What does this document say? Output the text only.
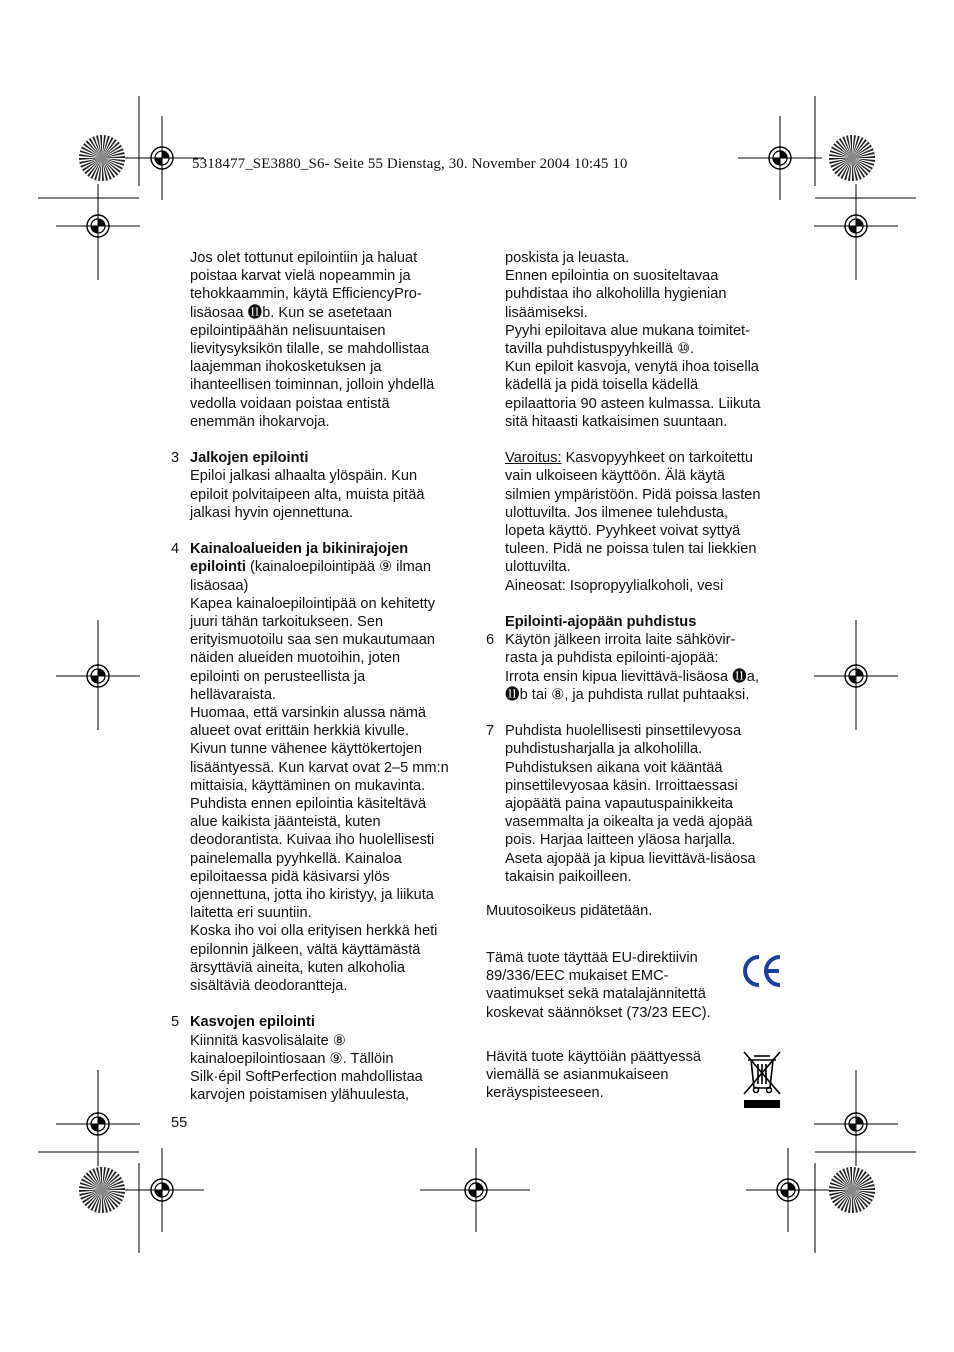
5318477_SE3880_S6- Seite 55 Dienstag, 30. November 2004 10:45 10
Jos olet tottunut epilointiin ja haluat
poistaa karvat vielä nopeammin ja
tehokkaammin, käytä EfficiencyPro-
lisäosaa ⓫b. Kun se asetetaan
epilointipäähän nelisuuntaisen
lievitysyksikön tilalle, se mahdollistaa
laajemman ihokosketuksen ja
ihanteellisen toiminnan, jolloin yhdellä
vedolla voidaan poistaa entistä
enemmän ihokarvoja.
3 Jalkojen epilointi
Epiloi jalkasi alhaalta ylöspäin. Kun
epiloit polvitaipeen alta, muista pitää
jalkasi hyvin ojennettuna.
4 Kainaloalueiden ja bikinirajojen
epilointi (kainaloepilointipää ⑨ ilman
lisäosaa)
Kapea kainaloepilointipää on kehitetty
juuri tähän tarkoitukseen. Sen
erityismuotoilu saa sen mukautumaan
näiden alueiden muotoihin, joten
epilointi on perusteellista ja
hellävaraista.
Huomaa, että varsinkin alussa nämä
alueet ovat erittäin herkkiä kivulle.
Kivun tunne vähenee käyttökertojen
lisääntyessä. Kun karvat ovat 2–5 mm:n
mittaisia, käyttäminen on mukavinta.
Puhdista ennen epilointia käsiteltävä
alue kaikista jäänteistä, kuten
deodorantista. Kuivaa iho huolellisesti
painelemalla pyyhkellä. Kainaloa
epiloitaessa pidä käsivarsi ylös
ojennettuna, jotta iho kiristyy, ja liikuta
laitetta eri suuntiin.
Koska iho voi olla erityisen herkkä heti
epilonnin jälkeen, vältä käyttämästä
ärsyttäviä aineita, kuten alkoholia
sisältäviä deodorantteja.
5 Kasvojen epilointi
Kiinnitä kasvolisälaite ⑧
kainaloepilointiosaan ⑨. Tällöin
Silk·épil SoftPerfection mahdollistaa
karvojen poistamisen ylähuulesta,
55
poskista ja leuasta.
Ennen epilointia on suositeltavaa
puhdistaa iho alkoholilla hygienian
lisäämiseksi.
Pyyhi epiloitava alue mukana toimitet-
tavilla puhdistuspyyhkeillä ⑩.
Kun epiloit kasvoja, venytä ihoa toisella
kädellä ja pidä toisella kädellä
epilaattoria 90 asteen kulmassa. Liikuta
sitä hitaasti katkaisimen suuntaan.
Varoitus: Kasvopyyhkeet on tarkoitettu
vain ulkoiseen käyttöön. Älä käytä
silmien ympäristöön. Pidä poissa lasten
ulottuvilta. Jos ilmenee tulehdusta,
lopeta käyttö. Pyyhkeet voivat syttyä
tuleen. Pidä ne poissa tulen tai liekkien
ulottuvilta.
Aineosat: Isopropyylialkoholi, vesi
Epilointi-ajopään puhdistus
6 Käytön jälkeen irroita laite sähkövir-
rasta ja puhdista epilointi-ajopää:
Irrota ensin kipua lievittävä-lisäosa ⓫a,
⓫b tai ⑧, ja puhdista rullat puhtaaksi.
7 Puhdista huolellisesti pinsettilevyosa
puhdistusharjalla ja alkoholilla.
Puhdistuksen aikana voit kääntää
pinsettilevyosaa käsin. Irroittaessasi
ajopäätä paina vapautuspainikkeita
vasemmalta ja oikealta ja vedä ajopää
pois. Harjaa laitteen yläosa harjalla.
Aseta ajopää ja kipua lievittävä-lisäosa
takaisin paikoilleen.
Muutosoikeus pidätetään.
Tämä tuote täyttää EU-direktiivin
89/336/EEC mukaiset EMC-
vaatimukset sekä matalajännitettä
koskevat säännökset (73/23 EEC).
Hävitä tuote käyttöiän päättyessä
viemällä se asianmukaiseen
keräyspisteeseen.
